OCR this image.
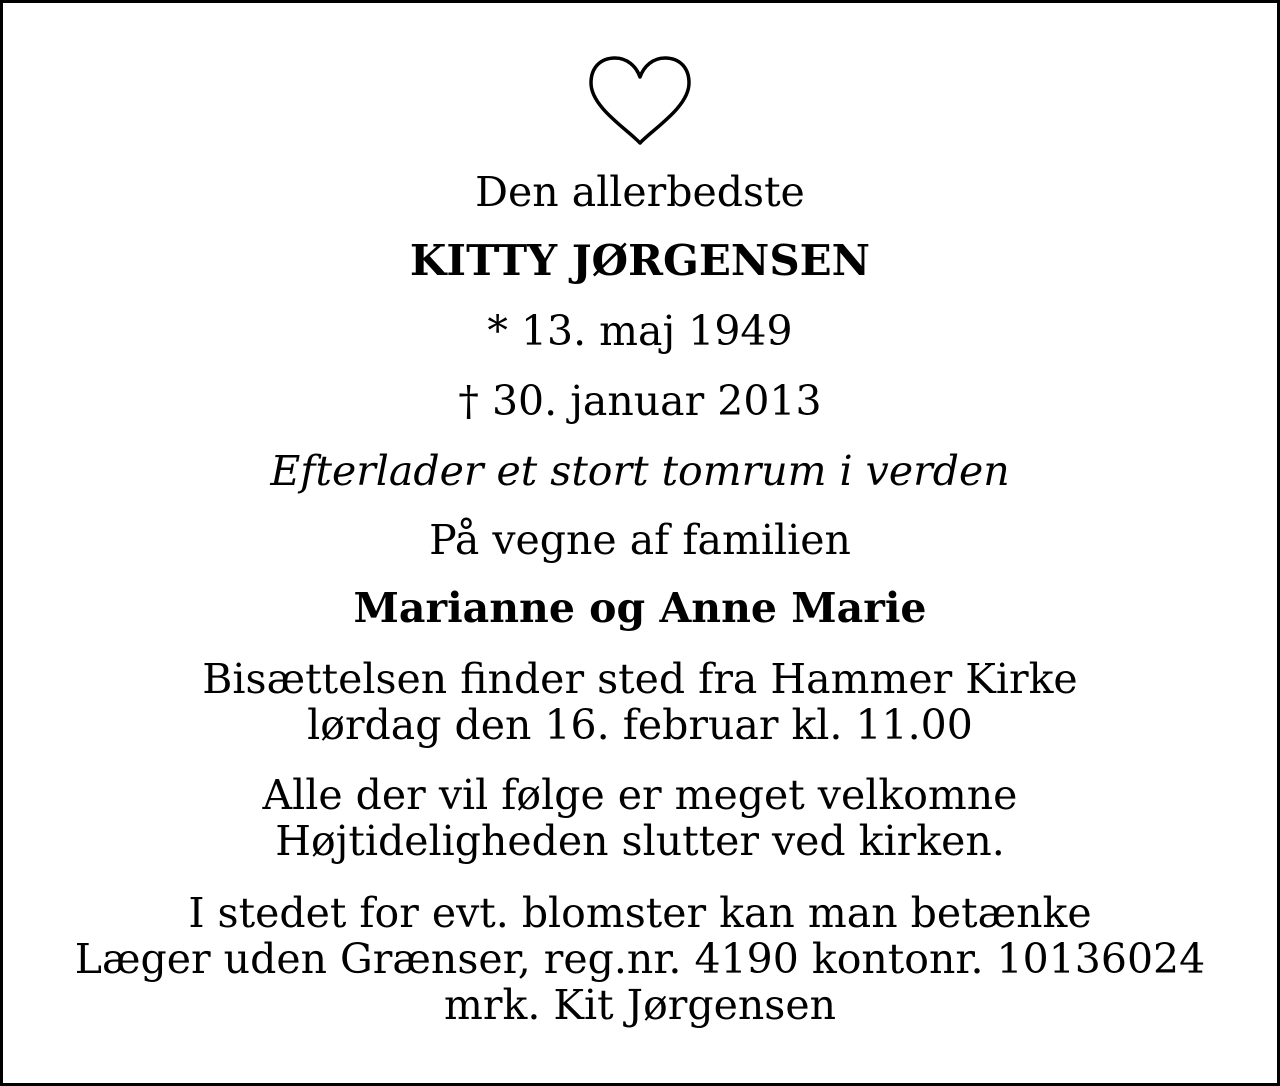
Den allerbedste

KITTY JØRGENSEN

* 13. maj 1949

† 30. januar 2013

Efterlader et stort tomrum i verden

På vegne af familien

Marianne og Anne Marie

Bisættelsen finder sted fra Hammer Kirke

lørdag den 16. februar kl. 11.00

Alle der vil følge er meget velkomne

Højtideligheden slutter ved kirken.

I stedet for evt. blomster kan man betænke

Læger uden Grænser, reg.nr. 4190 kontonr. 10136024

mrk. Kit Jørgensen
